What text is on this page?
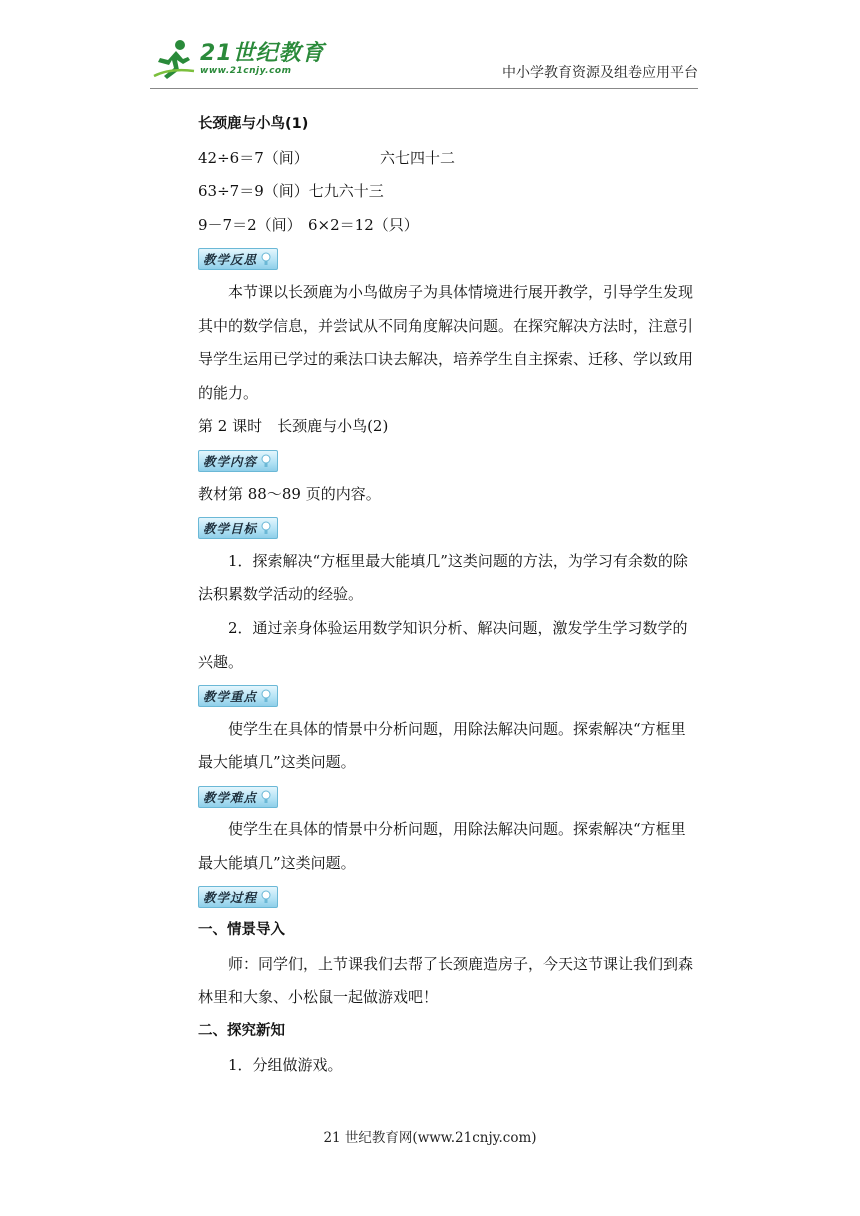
21世纪教育
www.21cnjy.com	中小学教育资源及组卷应用平台

长颈鹿与小鸟(1)

42÷6＝7（间）	六七四十二

63÷7＝9（间）七九六十三

9－7＝2（间） 6×2＝12（只）

教学反思

本节课以长颈鹿为小鸟做房子为具体情境进行展开教学，引导学生发现其中的数学信息，并尝试从不同角度解决问题。在探究解决方法时，注意引导学生运用已学过的乘法口诀去解决，培养学生自主探索、迁移、学以致用的能力。

第 2 课时　长颈鹿与小鸟(2)

教学内容

教材第 88～89 页的内容。

教学目标

1．探索解决“方框里最大能填几”这类问题的方法，为学习有余数的除法积累数学活动的经验。

2．通过亲身体验运用数学知识分析、解决问题，激发学生学习数学的兴趣。

教学重点

使学生在具体的情景中分析问题，用除法解决问题。探索解决“方框里最大能填几”这类问题。

教学难点

使学生在具体的情景中分析问题，用除法解决问题。探索解决“方框里最大能填几”这类问题。

教学过程

一、情景导入

师：同学们，上节课我们去帮了长颈鹿造房子，今天这节课让我们到森林里和大象、小松鼠一起做游戏吧！

二、探究新知

1．分组做游戏。

21 世纪教育网(www.21cnjy.com)
